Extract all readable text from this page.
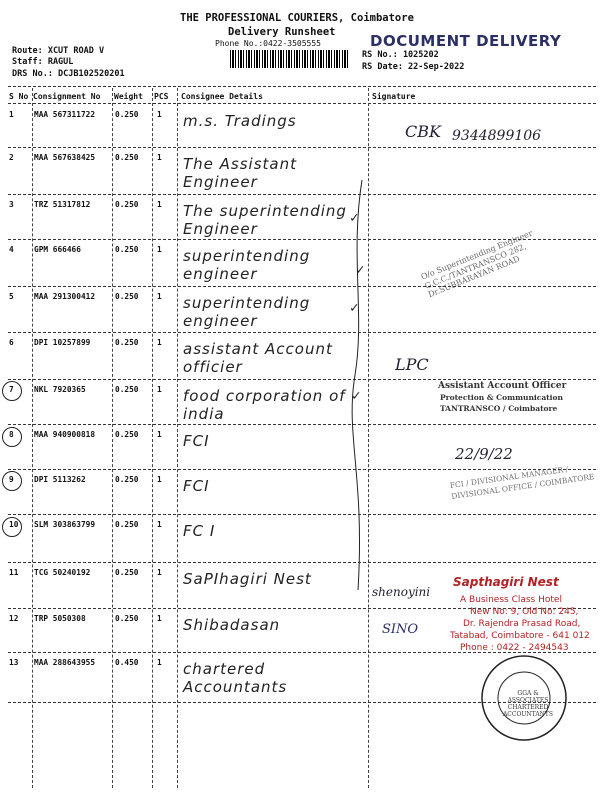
THE PROFESSIONAL COURIERS, Coimbatore
Delivery Runsheet
Phone No.:0422-3505555	DOCUMENT DELIVERY
Route: XCUT ROAD V
Staff: RAGUL
DRS No.: DCJB102520201
RS No.: 1025202
RS Date: 22-Sep-2022
S No Consignment No Weight PCS Consignee Details	Signature
1	MAA 567311722	0.250 1 m.s. Tradings
2	MAA 567638425	0.250 1 The Assistant Engineer
3	TRZ 51317812	0.250 1 The superintending Engineer
4	GPM 666466	0.250 1 superintending engineer
5	MAA 291300412	0.250 1 superintending engineer
6	DPI 10257899	0.250 1 assistant Account officier
7	NKL 7920365	0.250 1 food corporation of india
8	MAA 940900818	0.250 1 FCI
9	DPI 5113262	0.250 1 FCI
10 SLM 303863799	0.250 1 FC I
11 TCG 50240192	0.250 1 SaPIhagiri Nest
12 TRP 5050308	0.250 1 Shibadasan
13 MAA 288643955	0.450 1 chartered Accountants
CBK 9344899106
LPC
22/9/22
SINO
shenoyini
✓
✓
✓
✓
O/o Superintending Engineer G.C.C./TANTRANSCO 282, Dr.SUBBARAYAN ROAD
Assistant Account Officer
Protection & Communication
TANTRANSCO / Coimbatore
FCI / DIVISIONAL MANAGER / DIVISIONAL OFFICE / COIMBATORE
Sapthagiri Nest
A Business Class Hotel
New No: 9, Old No: 245,
Dr. Rajendra Prasad Road,
Tatabad, Coimbatore - 641 012
Phone : 0422 - 2494543
GGA & ASSOCIATES CHARTERED ACCOUNTANTS
